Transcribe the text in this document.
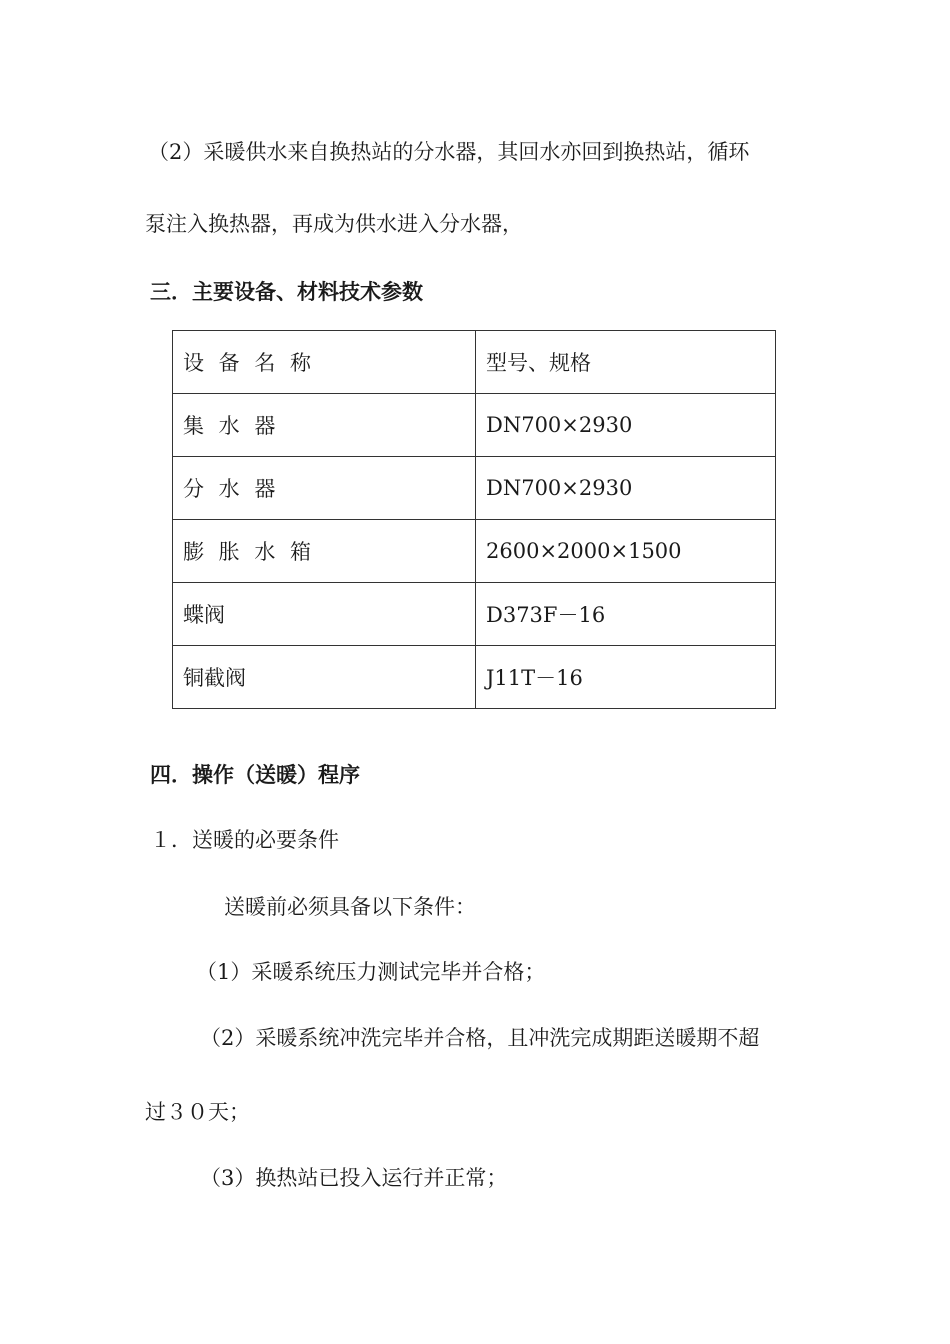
（2）采暖供水来自换热站的分水器，其回水亦回到换热站，循环
泵注入换热器，再成为供水进入分水器，
三．主要设备、材料技术参数
设 备 名 称	型号、规格
集 水 器	DN700×2930
分 水 器	DN700×2930
膨 胀 水 箱	2600×2000×1500
蝶阀	D373F－16
铜截阀	J11T－16
四．操作（送暖）程序
１．送暖的必要条件
送暖前必须具备以下条件：
（1）采暖系统压力测试完毕并合格；
（2）采暖系统冲洗完毕并合格，且冲洗完成期距送暖期不超
过３０天；
（3）换热站已投入运行并正常；
